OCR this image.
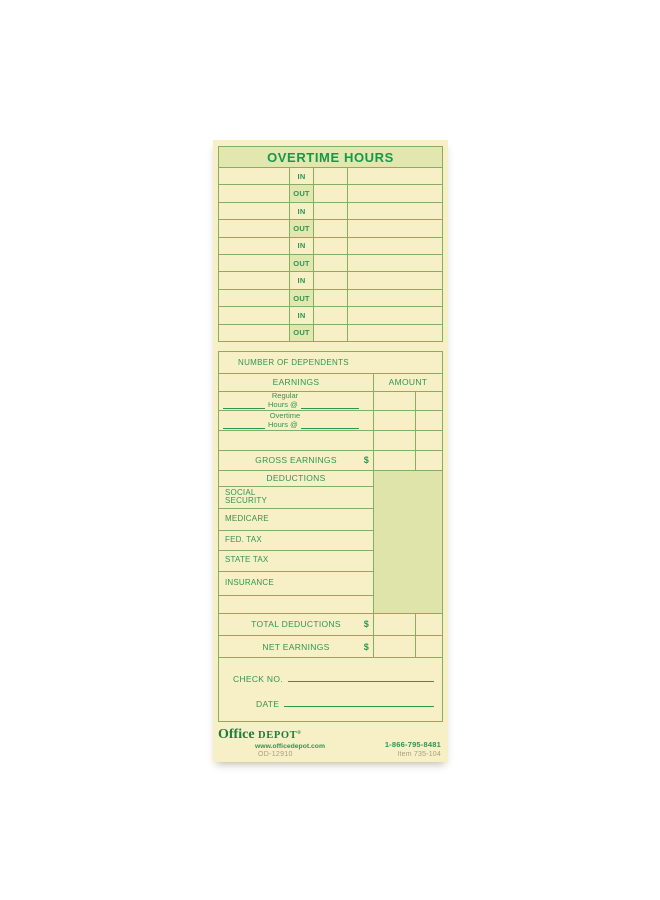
OVERTIME HOURS
IN
OUT
IN
OUT
IN
OUT
IN
OUT
IN
OUT
NUMBER OF DEPENDENTS
EARNINGS	AMOUNT
Regular
Hours @
Overtime
Hours @
GROSS EARNINGS	$
DEDUCTIONS
SOCIAL
SECURITY
MEDICARE
FED. TAX
STATE TAX
INSURANCE
TOTAL DEDUCTIONS	$
NET EARNINGS	$
CHECK NO.
DATE
Office DEPOT®
www.officedepot.com
OD-12910
1-866-795-8481
Item 735-104
